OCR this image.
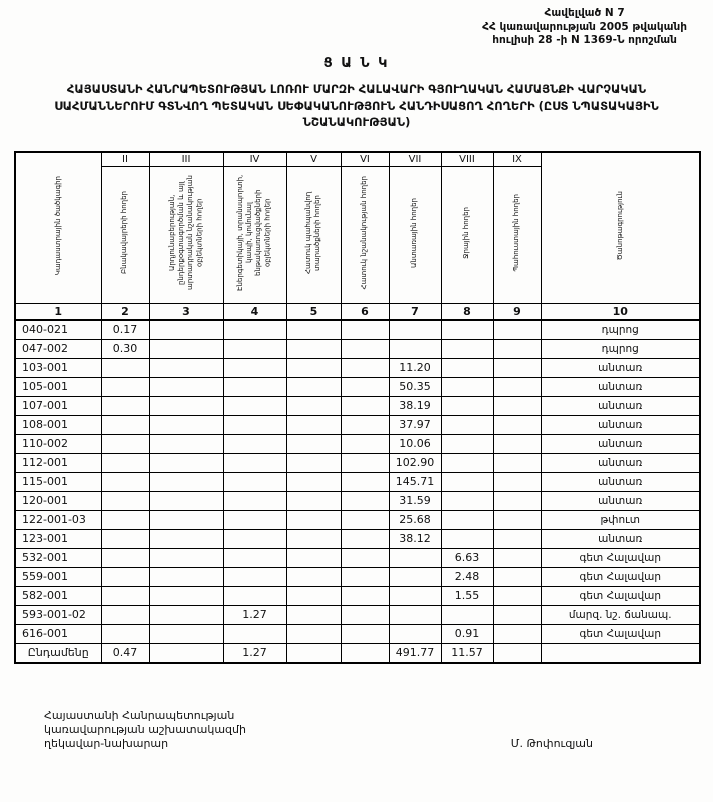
Հավելված N 7
ՀՀ կառավարության 2005 թվականի
հուլիսի 28 -ի N 1369-Ն որոշման
Ց Ա Ն Կ
ՀԱՅԱՍՏԱՆԻ ՀԱՆՐԱՊԵՏՈՒԹՅԱՆ ԼՈՌՈՒ ՄԱՐԶԻ ՀԱԼԱՎԱՐԻ ԳՅՈՒՂԱԿԱՆ ՀԱՄԱՅՆՔԻ ՎԱՐՉԱԿԱՆ ՍԱՀՄԱՆՆԵՐՈՒՄ ԳՏՆՎՈՂ ՊԵՏԱԿԱՆ ՍԵՓԱԿԱՆՈՒԹՅՈՒՆ ՀԱՆԴԻՍԱՑՈՂ ՀՈՂԵՐԻ (ԸՍՏ ՆՊԱՏԱԿԱՅԻՆ ՆՇԱՆԱԿՈՒԹՅԱՆ)
Կադաստրային ծածկագիր	II	III	IV	V	VI	VII	VIII	IX	Ծանոթագրություն
	Բնակավայրերի հողեր	Արդյունաբերության, ընդերքօգտագործման և այլ արտադրական նշանակության օբյեկտների հողեր	Էներգետիկայի, տրանսպորտի, կապի, կոմունալ ենթակառուցվածքների օբյեկտների հողեր	Հատուկ պահպանվող տարածքների հողեր	Հատուկ նշանակության հողեր	Անտառային հողեր	Ջրային հողեր	Պահուստային հողեր	
1	2	3	4	5	6	7	8	9	10
040-021	0.17								դպրոց
047-002	0.30								դպրոց
103-001						11.20			անտառ
105-001						50.35			անտառ
107-001						38.19			անտառ
108-001						37.97			անտառ
110-002						10.06			անտառ
112-001						102.90			անտառ
115-001						145.71			անտառ
120-001						31.59			անտառ
122-001-03						25.68			թփուտ
123-001						38.12			անտառ
532-001							6.63		գետ Հալավար
559-001							2.48		գետ Հալավար
582-001							1.55		գետ Հալավար
593-001-02			1.27						մարզ. նշ. ճանապ.
616-001							0.91		գետ Հալավար
Ընդամենը	0.47		1.27			491.77	11.57		
Հայաստանի Հանրապետության
կառավարության աշխատակազմի
ղեկավար-նախարար	Մ. Թոփուզյան
